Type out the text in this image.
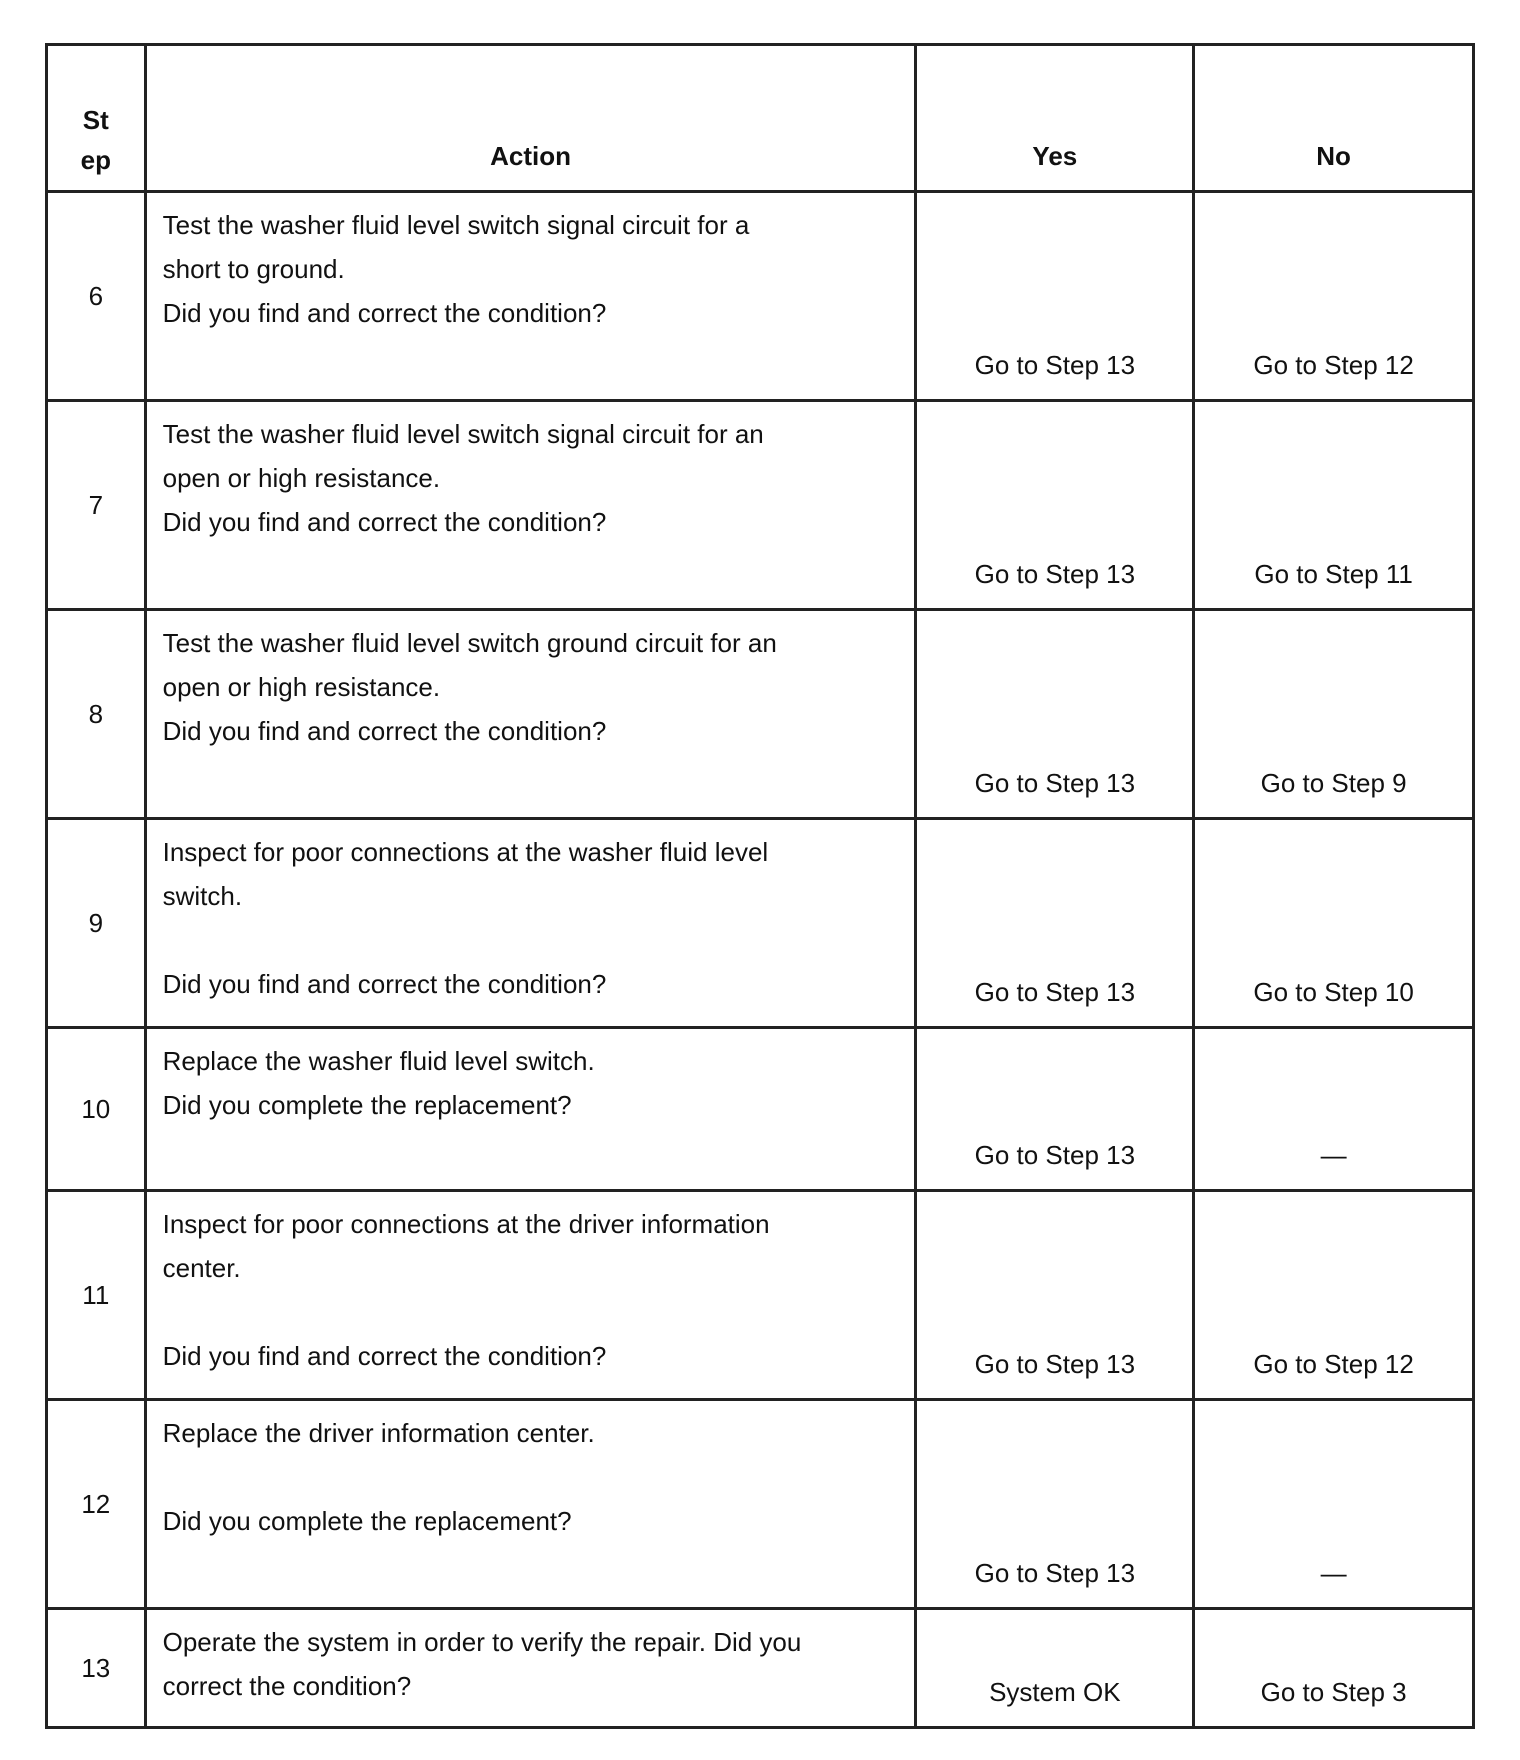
St
ep	Action	Yes	No

6	Test the washer fluid level switch signal circuit for a
short to ground.
Did you find and correct the condition?	Go to Step 13	Go to Step 12

7	Test the washer fluid level switch signal circuit for an
open or high resistance.
Did you find and correct the condition?	Go to Step 13	Go to Step 11

8	Test the washer fluid level switch ground circuit for an
open or high resistance.
Did you find and correct the condition?	Go to Step 13	Go to Step 9

9	Inspect for poor connections at the washer fluid level
switch.
Did you find and correct the condition?	Go to Step 13	Go to Step 10

10	Replace the washer fluid level switch.
Did you complete the replacement?	Go to Step 13	—

11	Inspect for poor connections at the driver information
center.
Did you find and correct the condition?	Go to Step 13	Go to Step 12

12	Replace the driver information center.
Did you complete the replacement?	Go to Step 13	—

13	Operate the system in order to verify the repair. Did you
correct the condition?	System OK	Go to Step 3
